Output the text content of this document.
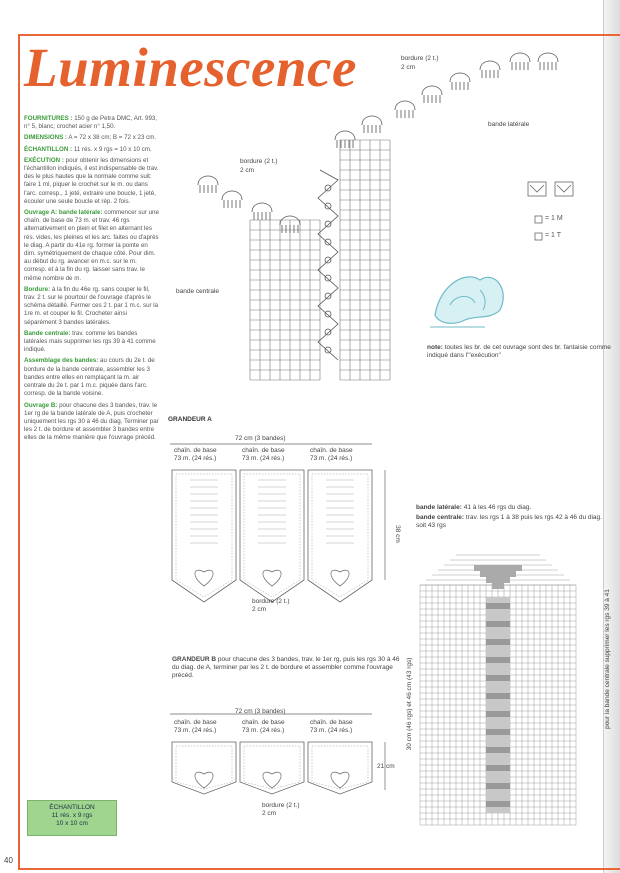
Luminescence

FOURNITURES : 150 g de Petra DMC, Art. 993, n° 5, blanc; crochet acier n° 1,50.

DIMENSIONS : A = 72 x 38 cm; B = 72 x 23 cm.

ÉCHANTILLON : 11 rés. x 9 rgs = 10 x 10 cm.

EXÉCUTION : pour obtenir les dimensions et l'échantillon indiqués, il est indispensable de trav. des le plus hautes que la normale comme suit: faire 1 ml, piquer le crochet sur le m. ou dans l'arc. corresp., 1 jeté, extraire une boucle, 1 jeté, écouler une seule boucle et rép. 2 fois.

Ouvrage A: bande latérale: commencer sur une chaîn. de base de 73 m. et trav. 46 rgs alternativement en plein et filet en alternant les rés. vides, les pleines et les arc. faites ou d'après le diag. A partir du 41e rg. former la pointe en dim. symétriquement de chaque côté. Pour dim. au début du rg. avancer en m.c. sur le m. corresp. et à la fin du rg. laisser sans trav. le même nombre de m.

Bordure: à la fin du 46e rg. sans couper le fil, trav. 2 t. sur le pourtour de l'ouvrage d'après le schéma détaillé. Fermer ces 2 t. par 1 m.c. sur la 1re m. et couper le fil. Crocheter ainsi séparément 3 bandes latérales.

Bande centrale: trav. comme les bandes latérales mais supprimer les rgs 39 à 41 comme indiqué.

Assemblage des bandes: au cours du 2e t. de bordure de la bande centrale, assembler les 3 bandes entre elles en remplaçant la m. air centrale du 2e t. par 1 m.c. piquée dans l'arc. corresp. de la bande voisine.

Ouvrage B: pour chacune des 3 bandes, trav. le 1er rg de la bande latérale de A, puis crocheter uniquement les rgs 30 à 46 du diag. Terminer par les 2 t. de bordure et assembler 3 bandes entre elles de la même manière que l'ouvrage précéd.

ÉCHANTILLON
11 rés. x 9 rgs
10 x 10 cm
40
bordure (2 t.)
2 cm
bordure (2 t.)
2 cm
bande latérale
bande centrale
= 1 M
= 1 T
note: toutes les br. de cet ouvrage sont des br. fantaisie comme indiqué dans l'"exécution"
GRANDEUR A
72 cm (3 bandes)
chaîn. de base
73 m. (24 rés.)
chaîn. de base
73 m. (24 rés.)
chaîn. de base
73 m. (24 rés.)
38 cm
bordure (2 t.)
2 cm
GRANDEUR B pour chacune des 3 bandes, trav. le 1er rg, puis les rgs 30 à 46 du diag. de A, terminer par les 2 t. de bordure et assembler comme l'ouvrage précéd.
72 cm (3 bandes)
chaîn. de base
73 m. (24 rés.)
chaîn. de base
73 m. (24 rés.)
chaîn. de base
73 m. (24 rés.)
21 cm
bordure (2 t.)
2 cm
bande latérale: 41 à les 46 rgs du diag.
bande centrale: trav. les rgs 1 à 38 puis les rgs 42 à 46 du diag. soit 43 rgs
30 cm (46 rgs) et 46 cm (43 rgs)	pour la bande centrale supprimer les rgs 39 à 41
